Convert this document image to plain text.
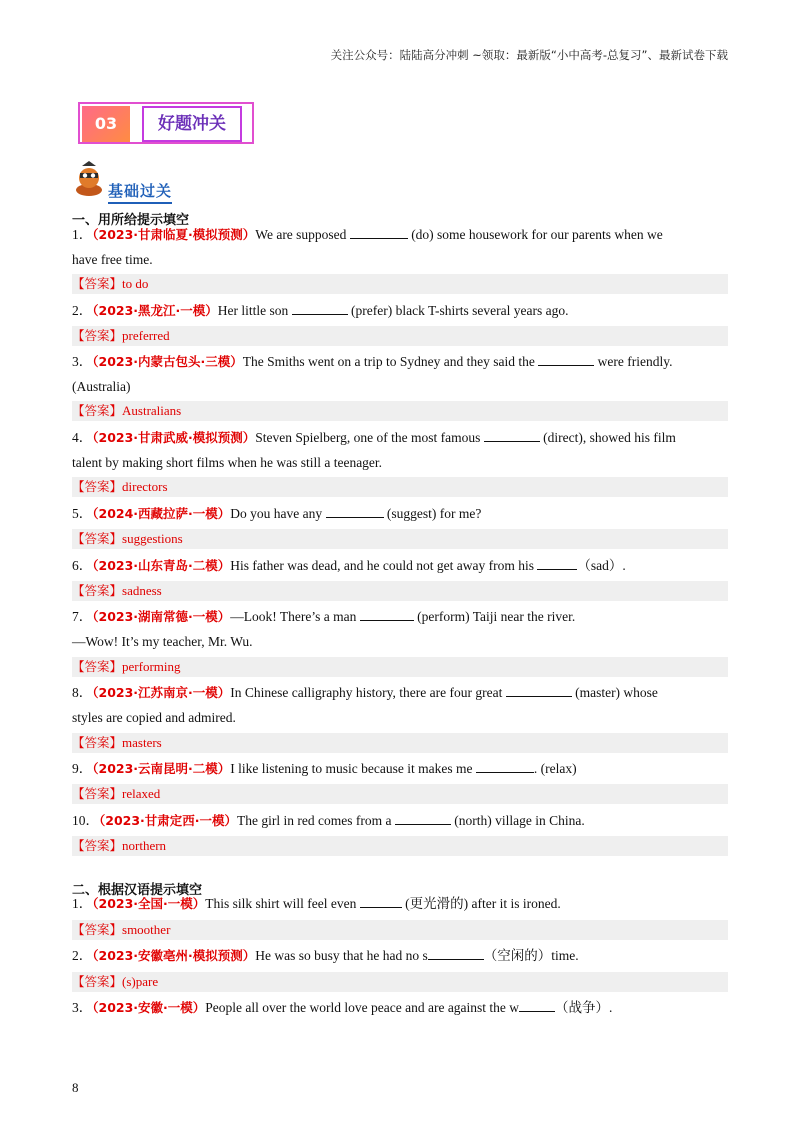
关注公众号：陆陆高分冲刺 ~领取：最新版“小中高考-总复习”、最新试卷下载
03	好题冲关
基础过关
一、用所给提示填空
1．（2023·甘肃临夏·模拟预测）We are supposed	(do) some housework for our parents when we
have free time.
【答案】to do
2．（2023·黑龙江·一模）Her little son	(prefer) black T-shirts several years ago.
【答案】preferred
3．（2023·内蒙古包头·三模）The Smiths went on a trip to Sydney and they said the	were friendly.
(Australia)
【答案】Australians
4．（2023·甘肃武威·模拟预测）Steven Spielberg, one of the most famous	(direct), showed his film
talent by making short films when he was still a teenager.
【答案】directors
5．（2024·西藏拉萨·一模）Do you have any	(suggest) for me?
【答案】suggestions
6．（2023·山东青岛·二模）His father was dead, and he could not get away from his	（sad）.
【答案】sadness
7．（2023·湖南常德·一模）—Look! There’s a man	(perform) Taiji near the river.
—Wow! It’s my teacher, Mr. Wu.
【答案】performing
8．（2023·江苏南京·一模）In Chinese calligraphy history, there are four great	(master) whose
styles are copied and admired.
【答案】masters
9．（2023·云南昆明·二模）I like listening to music because it makes me	. (relax)
【答案】relaxed
10．（2023·甘肃定西·一模）The girl in red comes from a	(north) village in China.
【答案】northern
二、根据汉语提示填空
1．（2023·全国·一模）This silk shirt will feel even	(更光滑的) after it is ironed.
【答案】smoother
2．（2023·安徽亳州·模拟预测）He was so busy that he had no s	（空闲的）time.
【答案】(s)pare
3．（2023·安徽·一模）People all over the world love peace and are against the w	（战争）.
8
